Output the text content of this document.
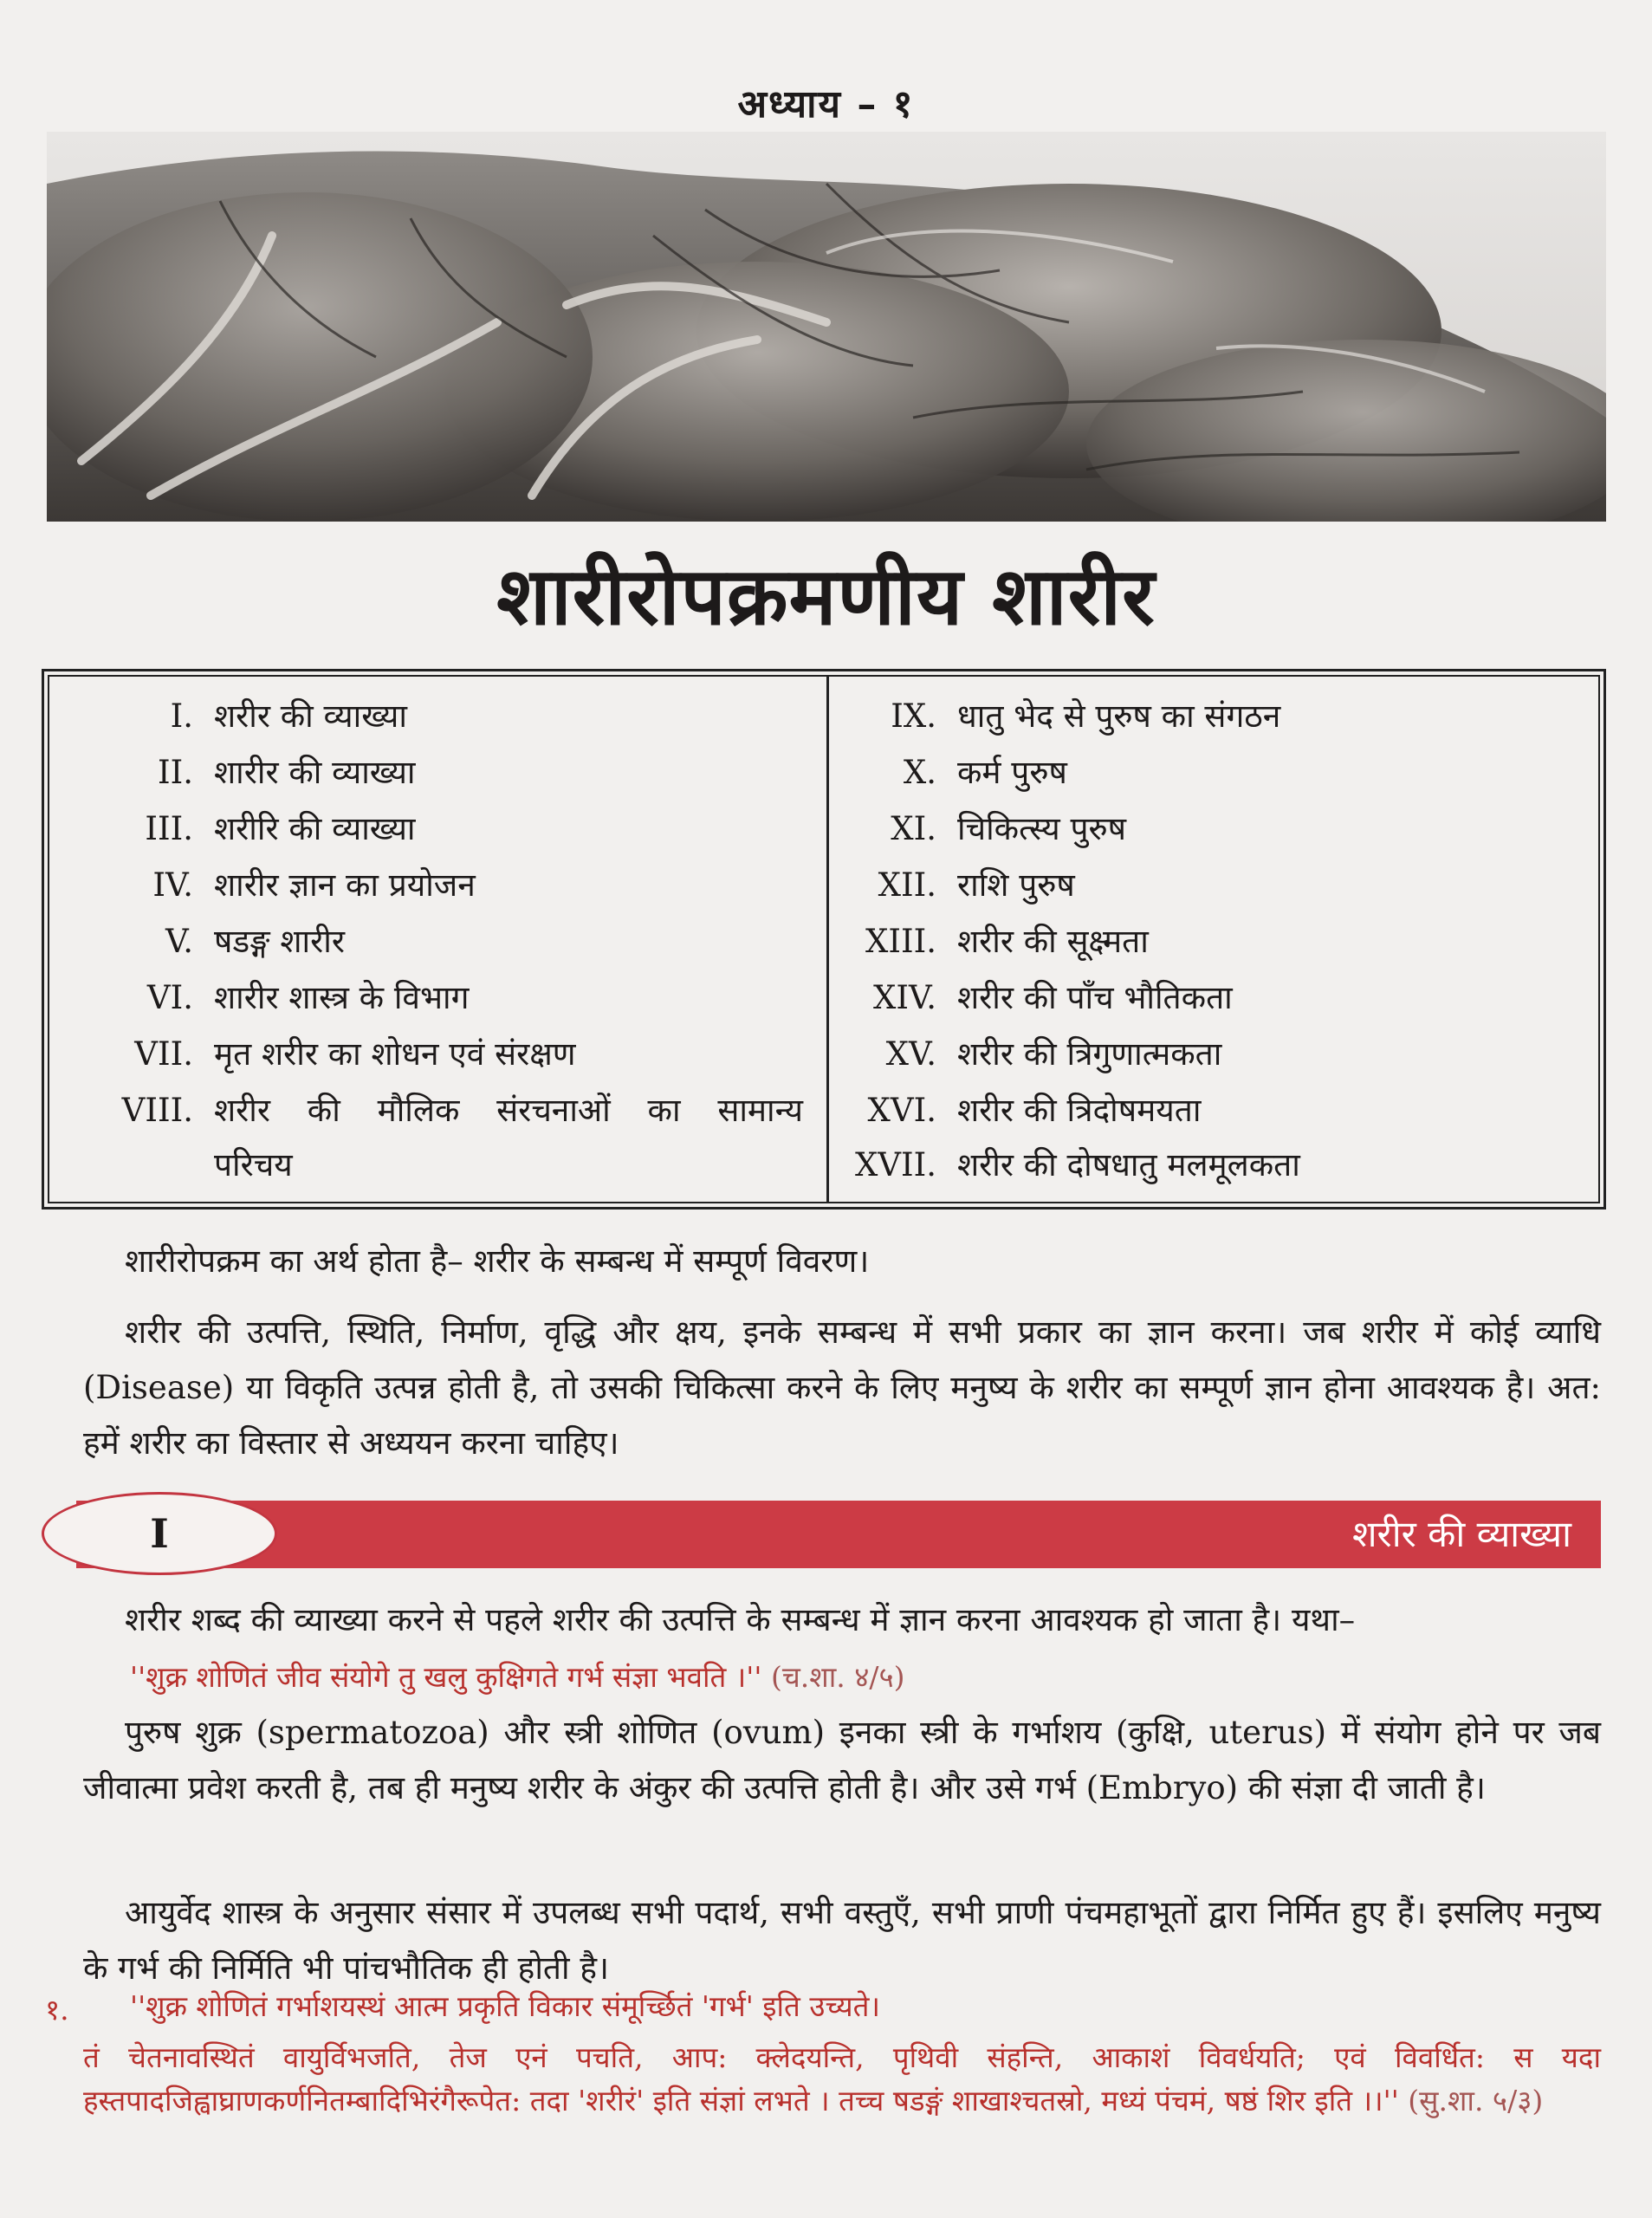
अध्याय – १
शारीरोपक्रमणीय शारीर
I. शरीर की व्याख्या
II. शारीर की व्याख्या
III. शरीरि की व्याख्या
IV. शारीर ज्ञान का प्रयोजन
V. षडङ्ग शारीर
VI. शारीर शास्त्र के विभाग
VII. मृत शरीर का शोधन एवं संरक्षण
VIII. शरीर की मौलिक संरचनाओं का सामान्य
परिचय
IX. धातु भेद से पुरुष का संगठन
X. कर्म पुरुष
XI. चिकित्स्य पुरुष
XII. राशि पुरुष
XIII. शरीर की सूक्ष्मता
XIV. शरीर की पाँच भौतिकता
XV. शरीर की त्रिगुणात्मकता
XVI. शरीर की त्रिदोषमयता
XVII. शरीर की दोषधातु मलमूलकता
शारीरोपक्रम का अर्थ होता है– शरीर के सम्बन्ध में सम्पूर्ण विवरण।
शरीर की उत्पत्ति, स्थिति, निर्माण, वृद्धि और क्षय, इनके सम्बन्ध में सभी प्रकार का ज्ञान करना। जब शरीर में कोई व्याधि (Disease) या विकृति उत्पन्न होती है, तो उसकी चिकित्सा करने के लिए मनुष्य के शरीर का सम्पूर्ण ज्ञान होना आवश्यक है। अत: हमें शरीर का विस्तार से अध्ययन करना चाहिए।
I	शरीर की व्याख्या
शरीर शब्द की व्याख्या करने से पहले शरीर की उत्पत्ति के सम्बन्ध में ज्ञान करना आवश्यक हो जाता है। यथा–
''शुक्र शोणितं जीव संयोगे तु खलु कुक्षिगते गर्भ संज्ञा भवति ।'' (च.शा. ४/५)
पुरुष शुक्र (spermatozoa) और स्त्री शोणित (ovum) इनका स्त्री के गर्भाशय (कुक्षि, uterus) में संयोग होने पर जब जीवात्मा प्रवेश करती है, तब ही मनुष्य शरीर के अंकुर की उत्पत्ति होती है। और उसे गर्भ (Embryo) की संज्ञा दी जाती है।
आयुर्वेद शास्त्र के अनुसार संसार में उपलब्ध सभी पदार्थ, सभी वस्तुएँ, सभी प्राणी पंचमहाभूतों द्वारा निर्मित हुए हैं। इसलिए मनुष्य के गर्भ की निर्मिति भी पांचभौतिक ही होती है।
१. ''शुक्र शोणितं गर्भाशयस्थं आत्म प्रकृति विकार संमूर्च्छितं 'गर्भ' इति उच्यते।
तं चेतनावस्थितं वायुर्विभजति, तेज एनं पचति, आप: क्लेदयन्ति, पृथिवी संहन्ति, आकाशं विवर्धयति; एवं विवर्धित: स यदा हस्तपादजिह्वाघ्राणकर्णनितम्बादिभिरंगैरूपेत: तदा 'शरीरं' इति संज्ञां लभते । तच्च षडङ्गं शाखाश्चतस्रो, मध्यं पंचमं, षष्ठं शिर इति ।।'' (सु.शा. ५/३)
